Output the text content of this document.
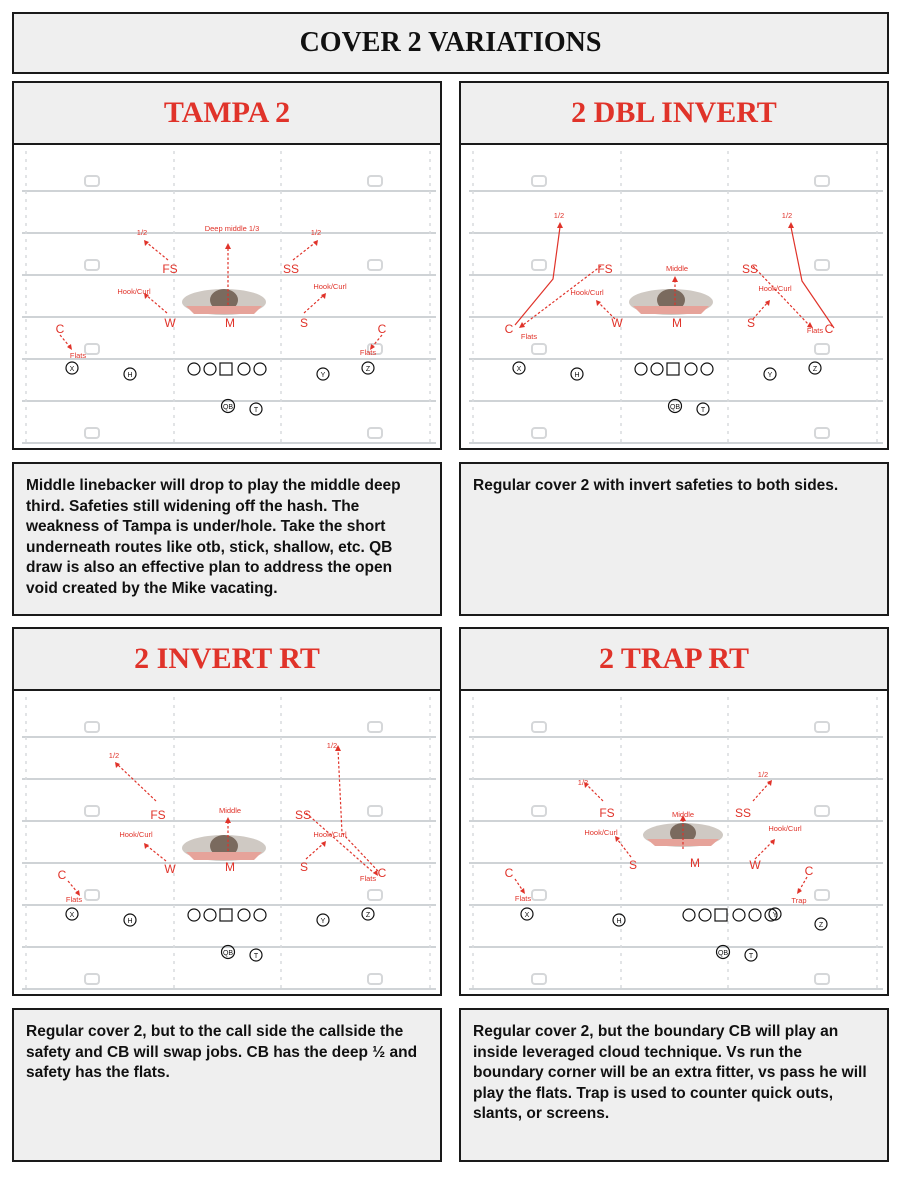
COVER 2 VARIATIONS
TAMPA 2
Deep middle 1/3
1/2	1/2
Hook/Curl
Hook/Curl
Flats	Flats
FS	SS
W	M	S
C	C
X
H	Y
Z
QB	T
Middle linebacker will drop to play the middle deep third. Safeties still widening off the hash. The weakness of Tampa is under/hole. Take the short underneath routes like otb, stick, shallow, etc. QB draw is also an effective plan to address the open void created by the Mike vacating.
2 DBL INVERT
1/2	1/2
Middle
Hook/Curl	Hook/Curl
Flats
Flats
FS	SS
W	M	S
C	C
X
H	Y
Z
QB	T
Regular cover 2 with invert safeties to both sides.
2 INVERT RT
1/2
1/2
Middle
Hook/Curl	Hook/Curl
Flats
Flats
FS	SS
W	M	S
C	C
X
H	Y
Z
QB	T
Regular cover 2, but to the call side the callside the safety and CB will swap jobs. CB has the deep ½ and safety has the flats.
2 TRAP RT
1/2
1/2
Middle
Hook/Curl	Hook/Curl
Flats	Trap
FS	SS
S	M	W
C	C
X
H
Y
Z
QB	T
Regular cover 2, but the boundary CB will play an inside leveraged cloud technique. Vs run the boundary corner will be an extra fitter, vs pass he will play the flats. Trap is used to counter quick outs, slants, or screens.
